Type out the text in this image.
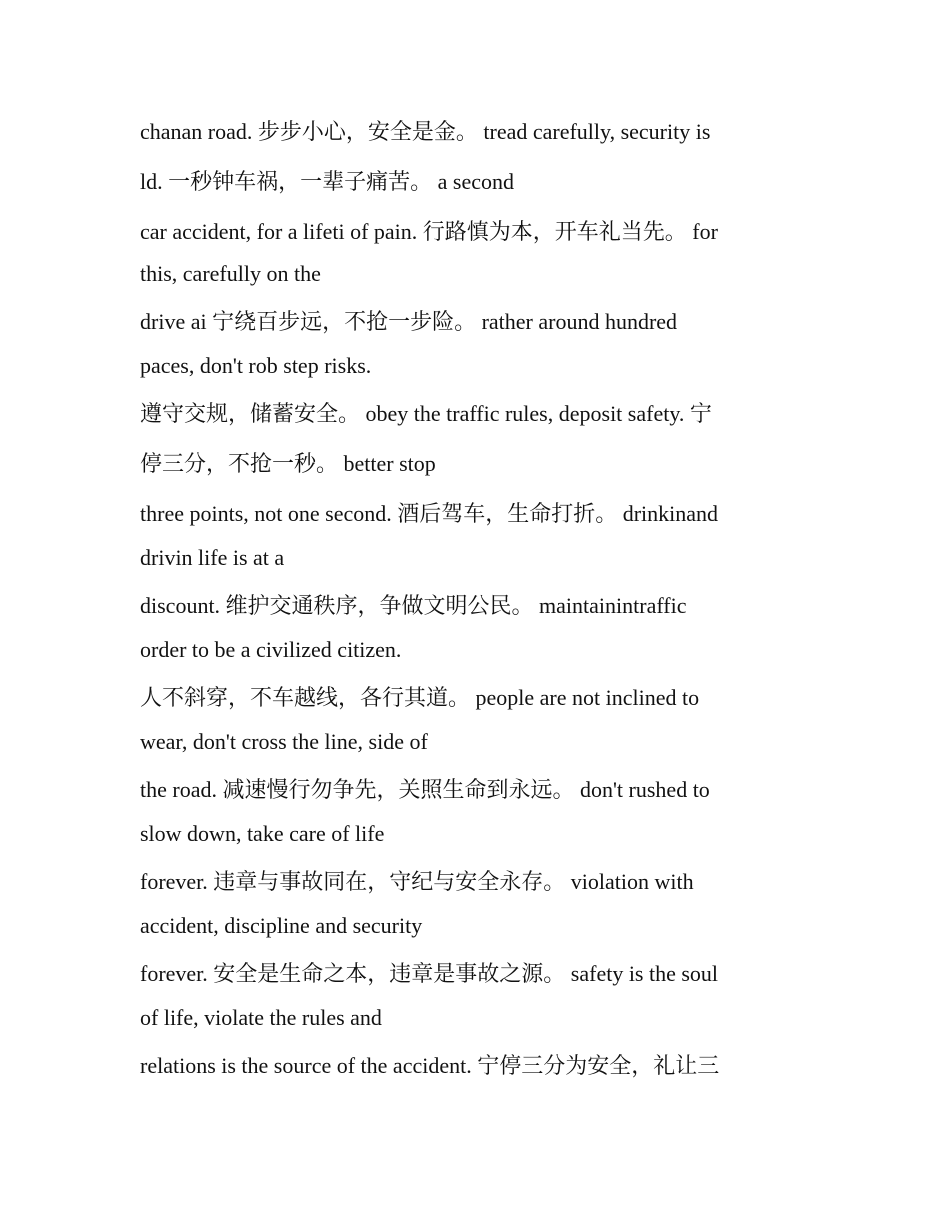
chanan road. 步步小心，安全是金。 tread carefully, security is

ld. 一秒钟车祸，一辈子痛苦。 a second

car accident, for a lifeti of pain. 行路慎为本，开车礼当先。 for

this, carefully on the

drive ai 宁绕百步远，不抢一步险。 rather around hundred

paces, don't rob step risks.

遵守交规，储蓄安全。 obey the traffic rules, deposit safety. 宁

停三分，不抢一秒。 better stop

three points, not one second. 酒后驾车，生命打折。 drinkinand

drivin life is at a

discount. 维护交通秩序，争做文明公民。 maintainintraffic

order to be a civilized citizen.

人不斜穿，不车越线，各行其道。 people are not inclined to

wear, don't cross the line, side of

the road. 减速慢行勿争先，关照生命到永远。 don't rushed to

slow down, take care of life

forever. 违章与事故同在，守纪与安全永存。 violation with

accident, discipline and security

forever. 安全是生命之本，违章是事故之源。 safety is the soul

of life, violate the rules and

relations is the source of the accident. 宁停三分为安全，礼让三
